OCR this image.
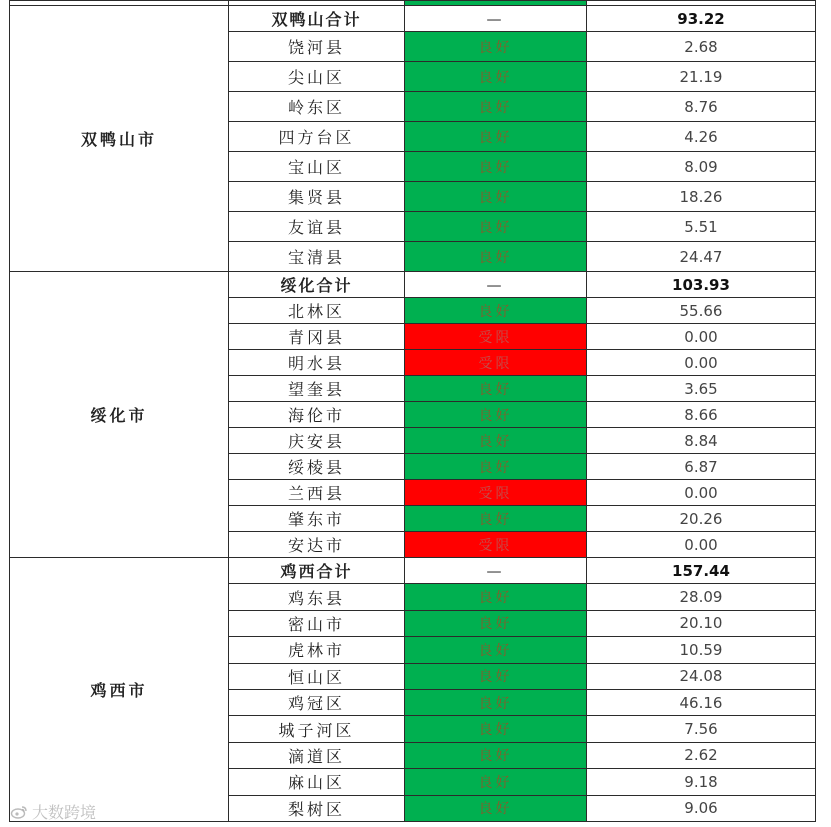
双鸭山市	双鸭山合计	—	93.22
	饶河县	良好	2.68
	尖山区	良好	21.19
	岭东区	良好	8.76
	四方台区	良好	4.26
	宝山区	良好	8.09
	集贤县	良好	18.26
	友谊县	良好	5.51
	宝清县	良好	24.47
绥化市	绥化合计	—	103.93
	北林区	良好	55.66
	青冈县	受限	0.00
	明水县	受限	0.00
	望奎县	良好	3.65
	海伦市	良好	8.66
	庆安县	良好	8.84
	绥棱县	良好	6.87
	兰西县	受限	0.00
	肇东市	良好	20.26
	安达市	受限	0.00
鸡西市	鸡西合计	—	157.44
	鸡东县	良好	28.09
	密山市	良好	20.10
	虎林市	良好	10.59
	恒山区	良好	24.08
	鸡冠区	良好	46.16
	城子河区	良好	7.56
	滴道区	良好	2.62
	麻山区	良好	9.18
	梨树区	良好	9.06
大数跨境
